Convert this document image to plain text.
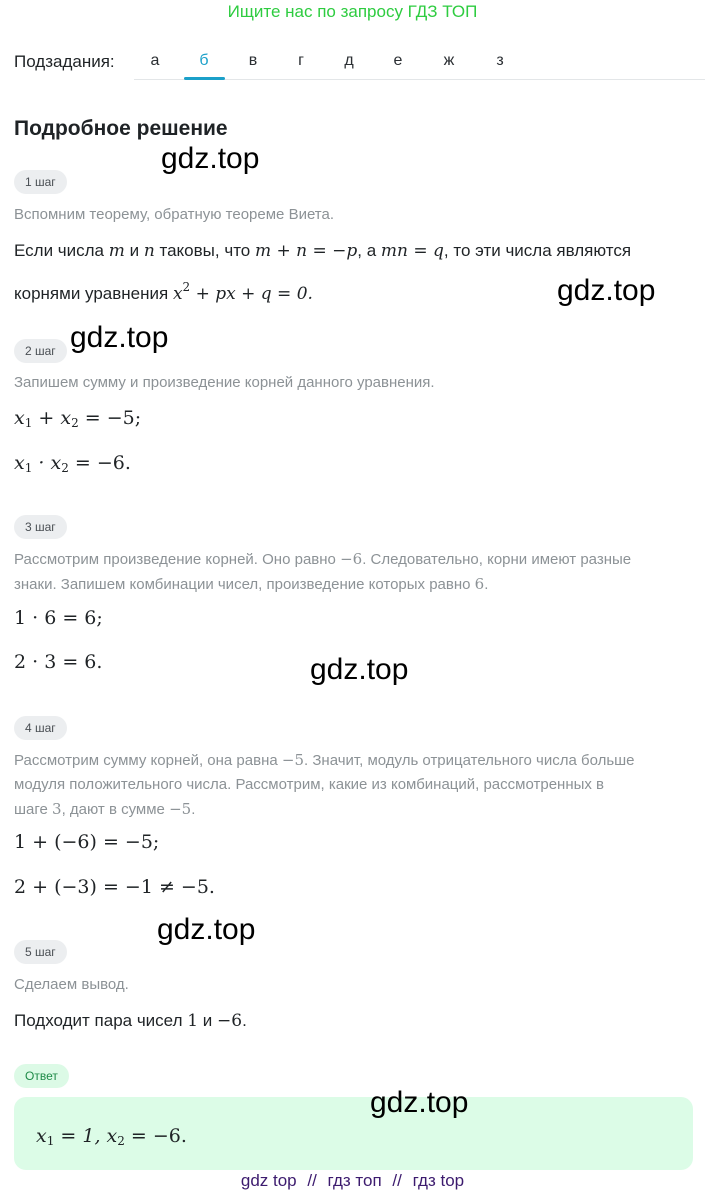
Ищите нас по запросу ГДЗ ТОП
Подзадания:	а	б	в	г	д	е	ж	з
Подробное решение
1 шаг
Вспомним теорему, обратную теореме Виета.
Если числа m и n таковы, что m + n = −p, а mn = q, то эти числа являются
корнями уравнения $x^2$ + px + q = 0.
2 шаг
Запишем сумму и произведение корней данного уравнения.
$x_1 + x_2 = -5$;
$x_1 \cdot x_2 = -6$.
3 шаг
Рассмотрим произведение корней. Оно равно −6. Следовательно, корни имеют разные
знаки. Запишем комбинации чисел, произведение которых равно 6.
1 · 6 = 6;
2 · 3 = 6.
4 шаг
Рассмотрим сумму корней, она равна −5. Значит, модуль отрицательного числа больше
модуля положительного числа. Рассмотрим, какие из комбинаций, рассмотренных в
шаге 3, дают в сумме −5.
1 + (−6) = −5;
2 + (−3) = −1 ≠ −5.
5 шаг
Сделаем вывод.
Подходит пара чисел 1 и −6.
Ответ
$x_1 = 1$, $x_2 = -6$.
gdz.top
gdz.top
gdz.top
gdz.top
gdz.top
gdz.top
gdz top // гдз топ // гдз top
